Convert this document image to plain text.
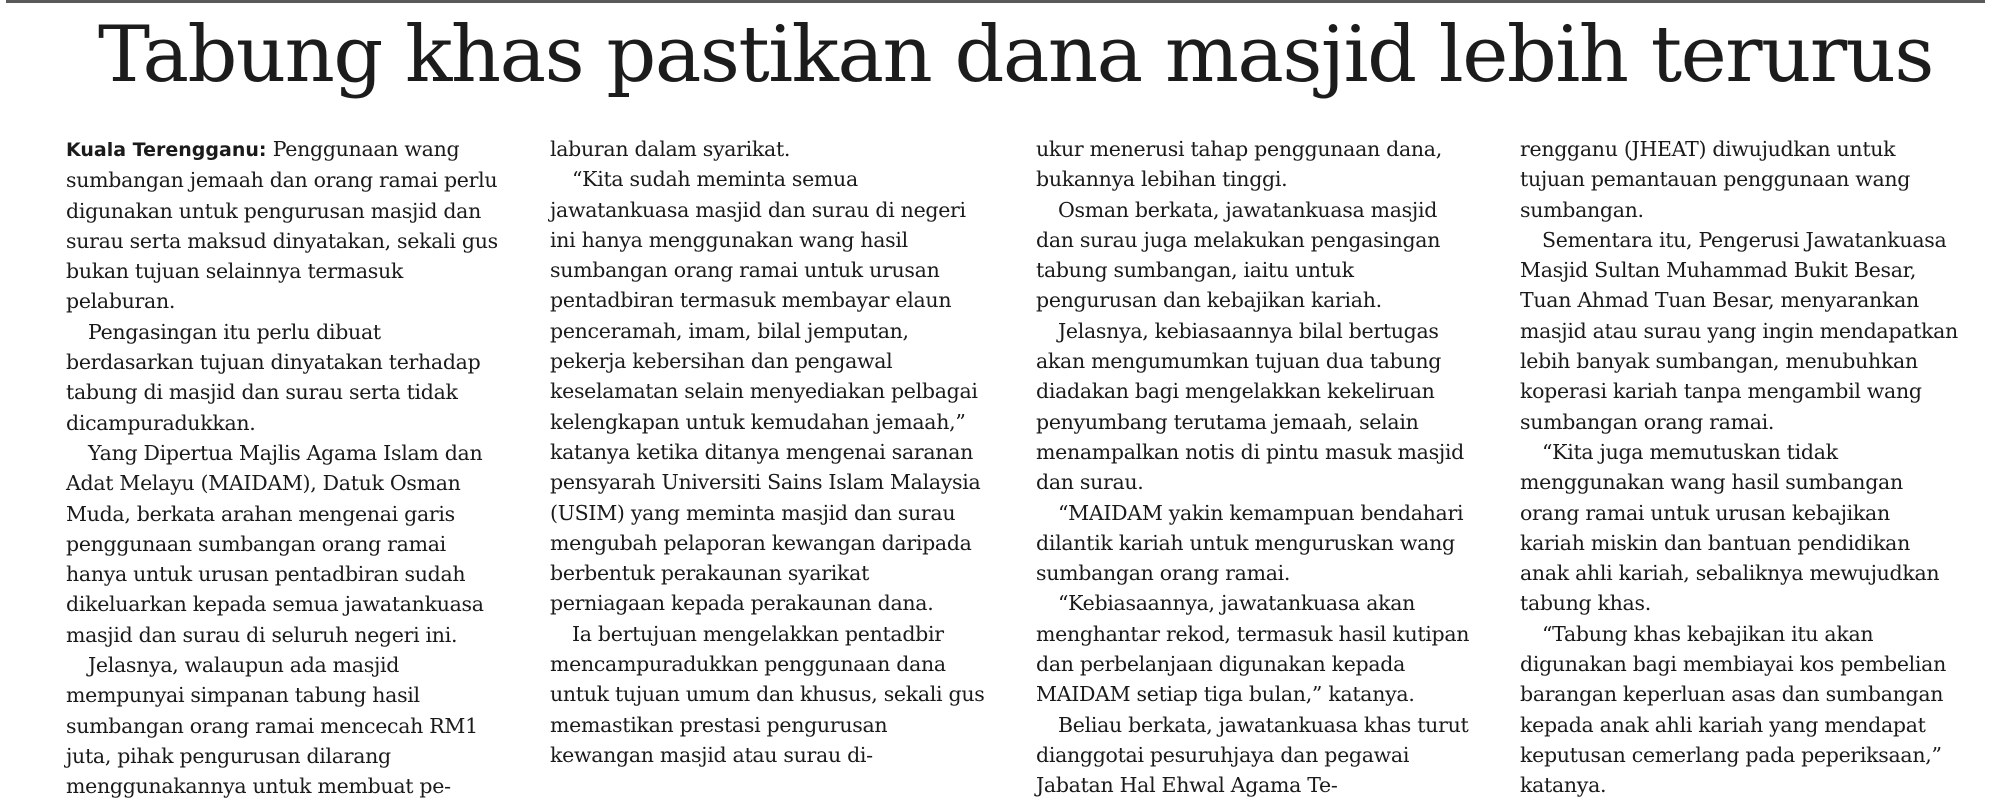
Tabung khas pastikan dana masjid lebih terurus

Kuala Terengganu: Penggunaan wang sumbangan jemaah dan orang ramai perlu digunakan untuk pengurusan masjid dan surau serta maksud dinyatakan, sekali gus bukan tujuan selainnya termasuk pelaburan.

Pengasingan itu perlu dibuat berdasarkan tujuan dinyatakan terhadap tabung di masjid dan surau serta tidak dicampuradukkan.

Yang Dipertua Majlis Agama Islam dan Adat Melayu (MAIDAM), Datuk Osman Muda, berkata arahan mengenai garis penggunaan sumbangan orang ramai hanya untuk urusan pentadbiran sudah dikeluarkan kepada semua jawatankuasa masjid dan surau di seluruh negeri ini.

Jelasnya, walaupun ada masjid mempunyai simpanan tabung hasil sumbangan orang ramai mencecah RM1 juta, pihak pengurusan dilarang menggunakannya untuk membuat pe-

laburan dalam syarikat.

“Kita sudah meminta semua jawatankuasa masjid dan surau di negeri ini hanya menggunakan wang hasil sumbangan orang ramai untuk urusan pentadbiran termasuk membayar elaun penceramah, imam, bilal jemputan, pekerja kebersihan dan pengawal keselamatan selain menyediakan pelbagai kelengkapan untuk kemudahan jemaah,” katanya ketika ditanya mengenai saranan pensyarah Universiti Sains Islam Malaysia (USIM) yang meminta masjid dan surau mengubah pelaporan kewangan daripada berbentuk perakaunan syarikat perniagaan kepada perakaunan dana.

Ia bertujuan mengelakkan pentadbir mencampuradukkan penggunaan dana untuk tujuan umum dan khusus, sekali gus memastikan prestasi pengurusan kewangan masjid atau surau di-

ukur menerusi tahap penggunaan dana, bukannya lebihan tinggi.

Osman berkata, jawatankuasa masjid dan surau juga melakukan pengasingan tabung sumbangan, iaitu untuk pengurusan dan kebajikan kariah.

Jelasnya, kebiasaannya bilal bertugas akan mengumumkan tujuan dua tabung diadakan bagi mengelakkan kekeliruan penyumbang terutama jemaah, selain menampalkan notis di pintu masuk masjid dan surau.

“MAIDAM yakin kemampuan bendahari dilantik kariah untuk menguruskan wang sumbangan orang ramai.

“Kebiasaannya, jawatankuasa akan menghantar rekod, termasuk hasil kutipan dan perbelanjaan digunakan kepada MAIDAM setiap tiga bulan,” katanya.

Beliau berkata, jawatankuasa khas turut dianggotai pesuruhjaya dan pegawai Jabatan Hal Ehwal Agama Te-

rengganu (JHEAT) diwujudkan untuk tujuan pemantauan penggunaan wang sumbangan.

Sementara itu, Pengerusi Jawatankuasa Masjid Sultan Muhammad Bukit Besar, Tuan Ahmad Tuan Besar, menyarankan masjid atau surau yang ingin mendapatkan lebih banyak sumbangan, menubuhkan koperasi kariah tanpa mengambil wang sumbangan orang ramai.

“Kita juga memutuskan tidak menggunakan wang hasil sumbangan orang ramai untuk urusan kebajikan kariah miskin dan bantuan pendidikan anak ahli kariah, sebaliknya mewujudkan tabung khas.

“Tabung khas kebajikan itu akan digunakan bagi membiayai kos pembelian barangan keperluan asas dan sumbangan kepada anak ahli kariah yang mendapat keputusan cemerlang pada peperiksaan,” katanya.
